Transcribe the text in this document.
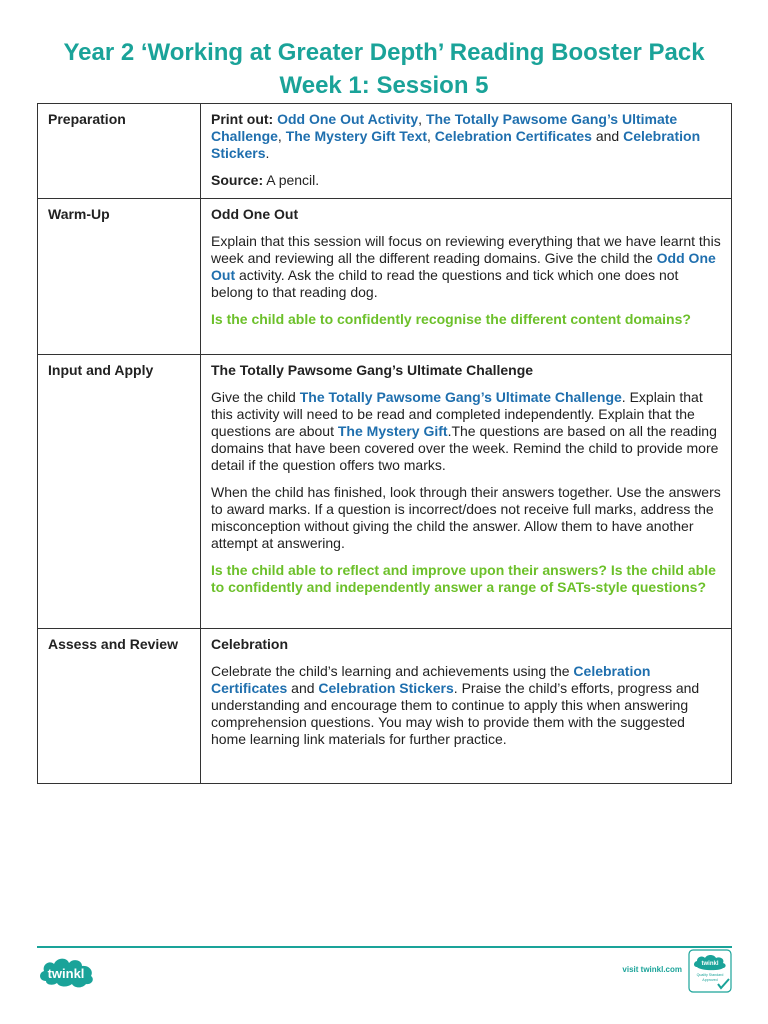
Year 2 ‘Working at Greater Depth’ Reading Booster Pack
Week 1: Session 5
Preparation	Print out: Odd One Out Activity, The Totally Pawsome Gang’s Ultimate Challenge, The Mystery Gift Text, Celebration Certificates and Celebration Stickers.

Source: A pencil.

Warm-Up	Odd One Out

Explain that this session will focus on reviewing everything that we have learnt this week and reviewing all the different reading domains. Give the child the Odd One Out activity. Ask the child to read the questions and tick which one does not belong to that reading dog.

Is the child able to confidently recognise the different content domains?

Input and Apply	The Totally Pawsome Gang’s Ultimate Challenge

Give the child The Totally Pawsome Gang’s Ultimate Challenge. Explain that this activity will need to be read and completed independently. Explain that the questions are about The Mystery Gift.The questions are based on all the reading domains that have been covered over the week. Remind the child to provide more detail if the question offers two marks.

When the child has finished, look through their answers together. Use the answers to award marks. If a question is incorrect/does not receive full marks, address the misconception without giving the child the answer. Allow them to have another attempt at answering.

Is the child able to reflect and improve upon their answers? Is the child able to confidently and independently answer a range of SATs-style questions?

Assess and Review	Celebration

Celebrate the child’s learning and achievements using the Celebration Certificates and Celebration Stickers. Praise the child’s efforts, progress and understanding and encourage them to continue to apply this when answering comprehension questions. You may wish to provide them with the suggested home learning link materials for further practice.

twinkl	visit twinkl.com
twinkl
Quality Standard
Approved
